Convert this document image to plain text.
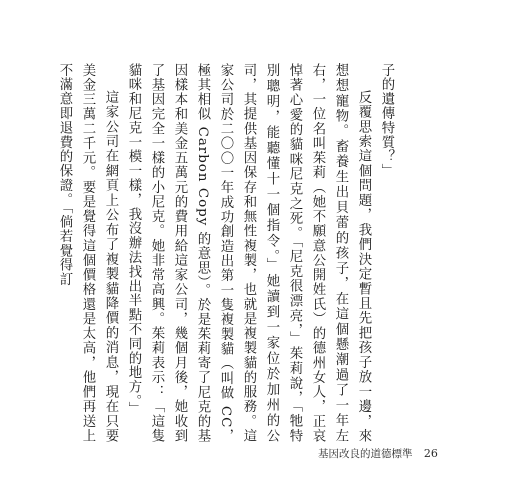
子的遺傳特質？」

反覆思索這個問題，我們決定暫且先把孩子放一邊，來想想寵物。畜養生出貝蕾的孩子，在這個懸潮過了一年左右，一位名叫茱莉（她不願意公開姓氏）的德州女人，正哀悼著心愛的貓咪尼克之死。「尼克很漂亮，」茱莉說，「牠特別聰明，能聽懂十一個指令。」她讀到一家位於加州的公司，其提供基因保存和無性複製，也就是複製貓的服務。這家公司於二〇〇一年成功創造出第一隻複製貓（叫做 CC，極其相似 Carbon Copy 的意思）。於是茱莉寄了尼克的基因樣本和美金五萬元的費用給這家公司，幾個月後，她收到了基因完全一樣的小尼克。她非常高興。茱莉表示：「這隻貓咪和尼克一模一樣，我沒辦法找出半點不同的地方。」

這家公司在網頁上公布了複製貓降價的消息，現在只要美金三萬二千元。要是覺得這個價格還是太高，他們再送上不滿意即退費的保證。「倘若覺得訂

基因改良的道德標準 26
